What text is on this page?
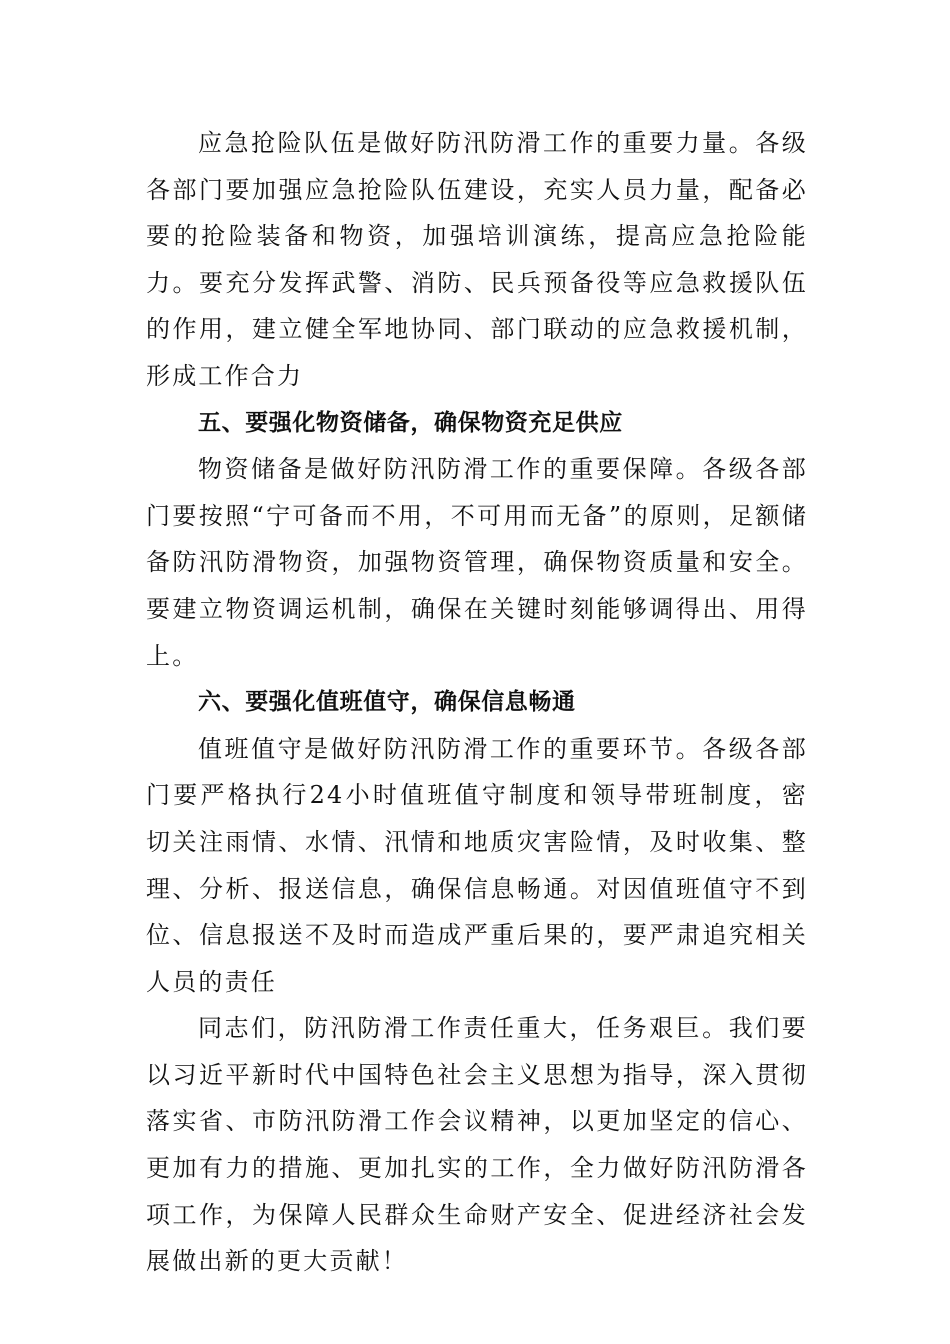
应急抢险队伍是做好防汛防滑工作的重要力量。各级各部门要加强应急抢险队伍建设，充实人员力量，配备必要的抢险装备和物资，加强培训演练，提高应急抢险能力。要充分发挥武警、消防、民兵预备役等应急救援队伍的作用，建立健全军地协同、部门联动的应急救援机制，形成工作合力

五、要强化物资储备，确保物资充足供应

物资储备是做好防汛防滑工作的重要保障。各级各部门要按照“宁可备而不用，不可用而无备”的原则，足额储备防汛防滑物资，加强物资管理，确保物资质量和安全。要建立物资调运机制，确保在关键时刻能够调得出、用得上。

六、要强化值班值守，确保信息畅通

值班值守是做好防汛防滑工作的重要环节。各级各部门要严格执行24小时值班值守制度和领导带班制度，密切关注雨情、水情、汛情和地质灾害险情，及时收集、整理、分析、报送信息，确保信息畅通。对因值班值守不到位、信息报送不及时而造成严重后果的，要严肃追究相关人员的责任

同志们，防汛防滑工作责任重大，任务艰巨。我们要以习近平新时代中国特色社会主义思想为指导，深入贯彻落实省、市防汛防滑工作会议精神，以更加坚定的信心、更加有力的措施、更加扎实的工作，全力做好防汛防滑各项工作，为保障人民群众生命财产安全、促进经济社会发展做出新的更大贡献！
